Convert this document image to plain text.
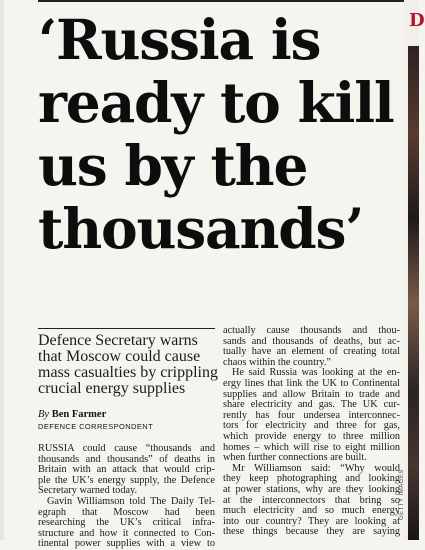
‘Russia is
ready to kill
us by the
thousands’
Defence Secretary warns
that Moscow could cause
mass casualties by crippling
crucial energy supplies
By Ben Farmer
DEFENCE CORRESPONDENT
RUSSIA could cause “thousands and
thousands and thousands” of deaths in
Britain with an attack that would crip-
ple the UK’s energy supply, the Defence
Secretary warned today.
Gavin Williamson told The Daily Tel-
egraph that Moscow had been
researching the UK’s critical infra-
structure and how it connected to Con-
tinental power supplies with a view to
actually cause thousands and thou-
sands and thousands of deaths, but ac-
tually have an element of creating total
chaos within the country.”
He said Russia was looking at the en-
ergy lines that link the UK to Continental
supplies and allow Britain to trade and
share electricity and gas. The UK cur-
rently has four undersea interconnec-
tors for electricity and three for gas,
which provide energy to three million
homes – which will rise to eight million
when further connections are built.
Mr Williamson said: “Why would
they keep photographing and looking
at power stations, why are they looking
at the interconnectors that bring so
much electricity and so much energy
into our country? They are looking at
these things because they are saying
D
GETTY IMAGES
